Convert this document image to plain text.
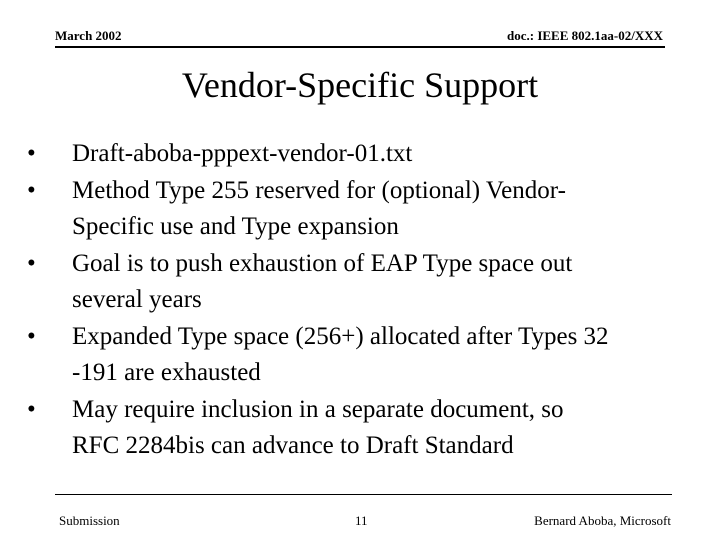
March 2002	doc.: IEEE 802.1aa-02/XXX
Vendor-Specific Support
•	Draft-aboba-pppext-vendor-01.txt
•	Method Type 255 reserved for (optional) Vendor-
Specific use and Type expansion
•	Goal is to push exhaustion of EAP Type space out
several years
•	Expanded Type space (256+) allocated after Types 32
-191 are exhausted
•	May require inclusion in a separate document, so
RFC 2284bis can advance to Draft Standard
Submission	11	Bernard Aboba, Microsoft
